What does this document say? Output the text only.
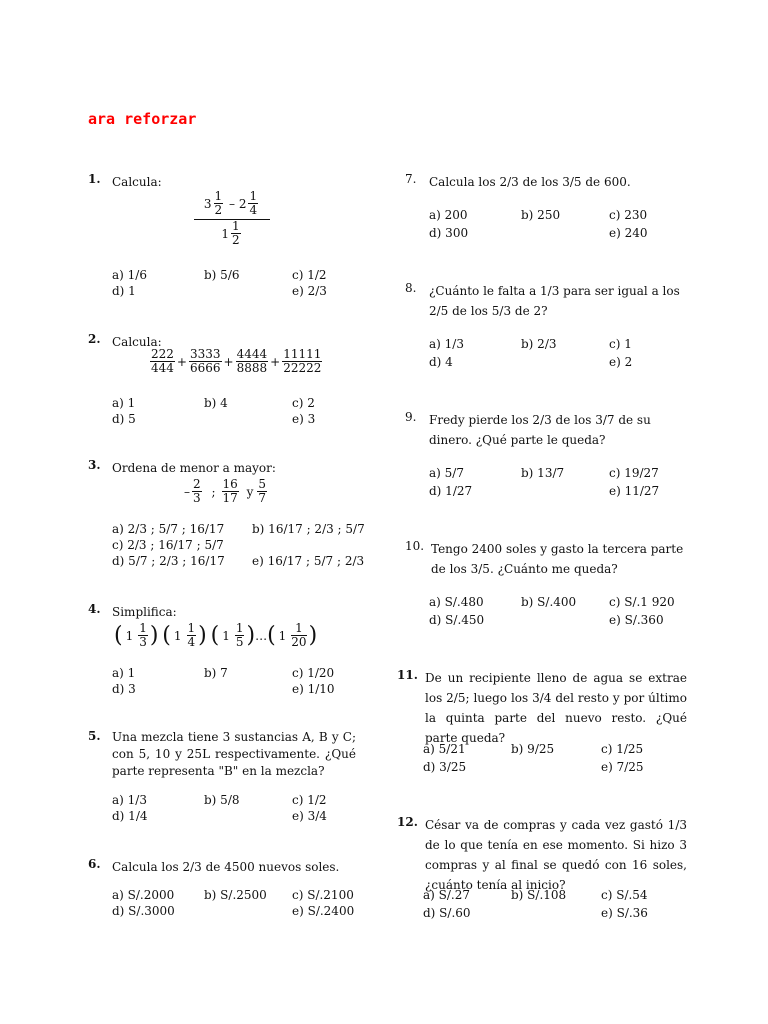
ara reforzar
1. Calcula:
$3 \frac{1}{2} - 2 \frac{1}{4}$
$1 \frac{1}{2}$
a) 1/6	b) 5/6	c) 1/2
d) 1	e) 2/3
2. Calcula:
$\frac{222}{444} + \frac{3333}{6666} + \frac{4444}{8888} + \frac{11111}{22222}$
a) 1	b) 4	c) 2
d) 5	e) 3
3. Ordena de menor a mayor:
– $\frac{2}{3}$ ; $\frac{16}{17}$ y $\frac{5}{7}$
a) 2/3 ; 5/7 ; 16/17 b) 16/17 ; 2/3 ; 5/7
c) 2/3 ; 16/17 ; 5/7
d) 5/7 ; 2/3 ; 16/17 e) 16/17 ; 5/7 ; 2/3
4. Simplifica:
( $1 \frac{1}{3}$ ) ( $1 \frac{1}{4}$ ) ( $1 \frac{1}{5}$ )…( $1 \frac{1}{20}$ )
a) 1	b) 7	c) 1/20
d) 3	e) 1/10
5. Una mezcla tiene 3 sustancias A, B y C; con 5, 10 y 25L respectivamente. ¿Qué parte representa "B" en la mezcla?
a) 1/3	b) 5/8	c) 1/2
d) 1/4	e) 3/4
6. Calcula los 2/3 de 4500 nuevos soles.
a) S/.2000 b) S/.2500 c) S/.2100
d) S/.3000	e) S/.2400
7. Calcula los 2/3 de los 3/5 de 600.
a) 200	b) 250	c) 230
d) 300	e) 240
8. ¿Cuánto le falta a 1/3 para ser igual a los 2/5 de los 5/3 de 2?
a) 1/3	b) 2/3	c) 1
d) 4	e) 2
9. Fredy pierde los 2/3 de los 3/7 de su dinero. ¿Qué parte le queda?
a) 5/7	b) 13/7	c) 19/27
d) 1/27	e) 11/27
10. Tengo 2400 soles y gasto la tercera parte de los 3/5. ¿Cuánto me queda?
a) S/.480	b) S/.400	c) S/.1 920
d) S/.450	e) S/.360
11. De un recipiente lleno de agua se extrae los 2/5; luego los 3/4 del resto y por último la quinta parte del nuevo resto. ¿Qué parte queda?
a) 5/21	b) 9/25	c) 1/25
d) 3/25	e) 7/25
12. César va de compras y cada vez gastó 1/3 de lo que tenía en ese momento. Si hizo 3 compras y al final se quedó con 16 soles, ¿cuánto tenía al inicio?
a) S/.27	b) S/.108	c) S/.54
d) S/.60	e) S/.36
